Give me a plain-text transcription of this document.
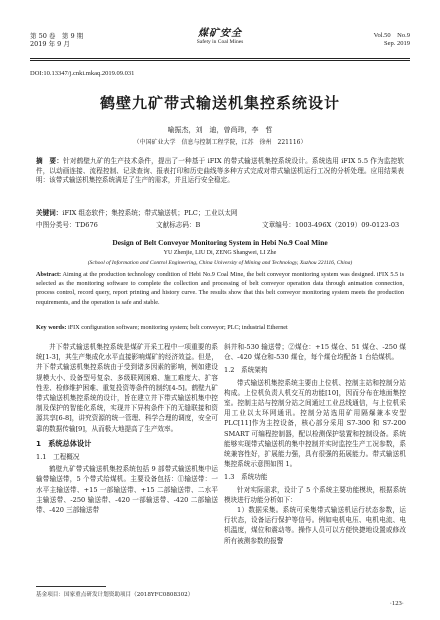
第 50 卷　第 9 期
2019 年 9 月
煤矿安全
Safety in Coal Mines
Vol.50　No.9
Sep. 2019
DOI:10.13347/j.cnki.mkaq.2019.09.031
鹤壁九矿带式输送机集控系统设计
喻振杰，刘　迪，曾尚玮，李　哲
（中国矿业大学　信息与控制工程学院，江苏　徐州　221116）
摘　要：针对鹤壁九矿的生产技术条件，提出了一种基于 iFIX 的带式输送机集控系统设计。系统选用 iFIX 5.5 作为监控软件，以动画连接、流程控制、记录查询、报表打印和历史曲线等多种方式完成对带式输送机运行工况的分析处理。应用结果表明：该带式输送机集控系统满足了生产的需求，并且运行安全稳定。
关键词：iFIX 组态软件；集控系统；带式输送机；PLC；工业以太网
中图分类号：TD676	文献标志码：B	文章编号：1003-496X（2019）09-0123-03
Design of Belt Conveyor Monitoring System in Hebi No.9 Coal Mine
YU Zhenjie, LIU Di, ZENG Shangwei, LI Zhe
(School of Information and Control Engineering, China University of Mining and Technology, Xuzhou 221116, China)
Abstract: Aiming at the production technology condition of Hebi No.9 Coal Mine, the belt conveyor monitoring system was designed. iFIX 5.5 is selected as the monitoring software to complete the collection and processing of belt conveyor operation data through animation connection, process control, record query, report printing and history curve. The results show that this belt conveyor monitoring system meets the production requirements, and the operation is safe and stable.
Key words: iFIX configuration software; monitoring system; belt conveyor; PLC; industrial Ethernet

井下带式输送机集控系统是煤矿开采工程中一项重要的系统[1-3]，其生产集成化水平直接影响煤矿的经济效益。但是，井下带式输送机集控系统由于受到诸多因素的影响，例如建设规模大小、设备型号复杂、多级联网困难、施工难度大、扩容性差、检修维护困难、重复投资等条件的制约[4-5]。鹤壁九矿带式输送机集控系统的设计，旨在建立井下带式输送机集中控制及保护的智能化系统，实现井下异构条件下的无缝联接和资源共享[6-8]，讲究资源的统一管理、科学合理的调度，安全可靠的数据传输[9]，从而极大地提高了生产效率。

1　系统总体设计
1.1　工程概况

鹤壁九矿带式输送机集控系统包括 9 部带式输送机集中运输带输送带，5 个带式给煤机。主要设备包括：①输送带：一水平主输送带、+15 一部输送带、+15 二部输送带、二水平主输送带、-250 输送带、-420 一部输送带、-420 二部输送带、-420 三部输送带

斜井和-530 输送带；②煤仓：+15 煤仓、51 煤仓、-250 煤仓、-420 煤仓和-530 煤仓，每个煤仓均配备 1 台给煤机。

1.2　系统架构

带式输送机集控系统主要由上位机、控制主站和控制分站构成。上位机负责人机交互的功能[10]，因而分布在地面集控室。控制主站与控制分站之间通过工业总线通信，与上位机采用工业以太环网通讯。控制分站选用矿用隔爆兼本安型 PLC[11]作为主控设备，核心部分采用 S7-300 和 S7-200 SMART 可编程控制器，配以检测保护装置和控制设备。系统能够实现带式输送机的集中控制并实时监控生产工况参数，系统兼容性好，扩展能力强，具有很强的拓展能力。带式输送机集控系统示意图如图 1。

1.3　系统功能

针对实际需求，设计了 5 个系统主要功能模块，根据系统模块进行功能分析如下：

1）数据采集。系统可采集带式输送机运行状态参数，运行状态，设备运行保护等信号。例如电机电压、电机电流、电机温度，煤位和震动等。操作人员可以方便快捷地设置或修改所有被测参数的报警

基金项目：国家重点研发计划资助项目（2018YFC0808302）
·123·
